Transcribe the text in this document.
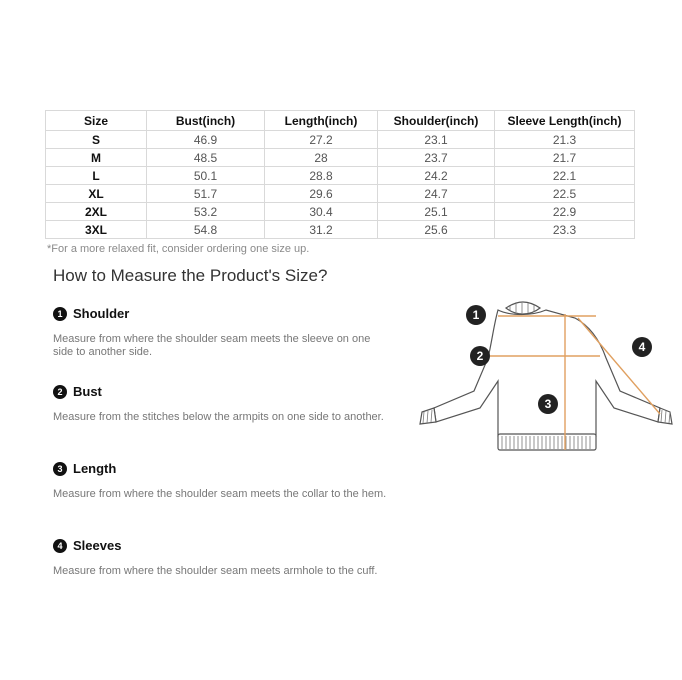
Size	Bust(inch)	Length(inch)	Shoulder(inch)	Sleeve Length(inch)
S	46.9	27.2	23.1	21.3
M	48.5	28	23.7	21.7
L	50.1	28.8	24.2	22.1
XL	51.7	29.6	24.7	22.5
2XL	53.2	30.4	25.1	22.9
3XL	54.8	31.2	25.6	23.3
*For a more relaxed fit, consider ordering one size up.
How to Measure the Product's Size?
1 Shoulder
Measure from where the shoulder seam meets the sleeve on one side to another side.
2 Bust
Measure from the stitches below the armpits on one side to another.
3 Length
Measure from where the shoulder seam meets the collar to the hem.
4 Sleeves
Measure from where the shoulder seam meets armhole to the cuff.
1
2
3
4
